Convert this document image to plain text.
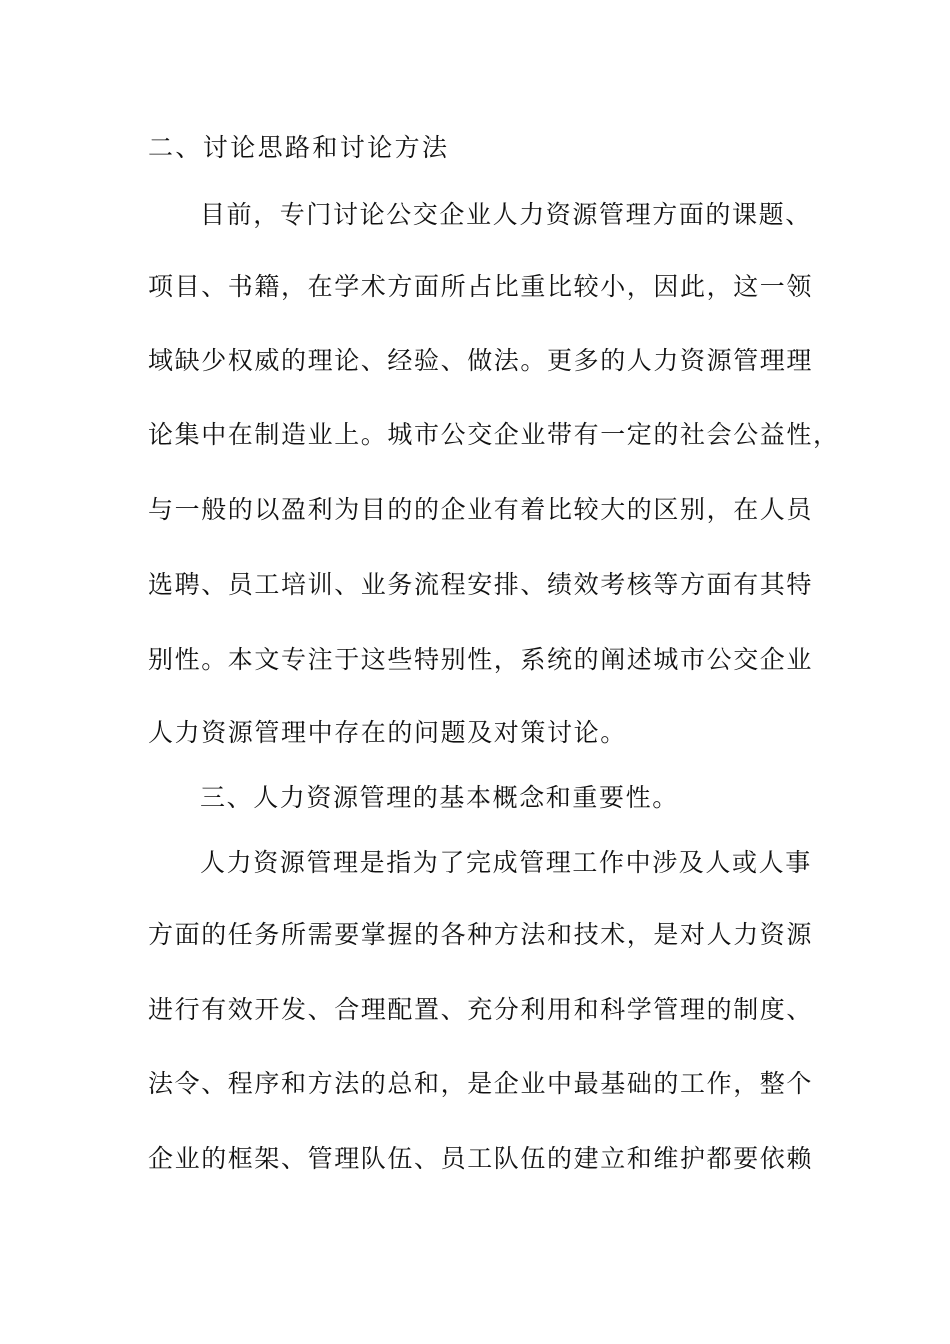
二、讨论思路和讨论方法

目前，专门讨论公交企业人力资源管理方面的课题、

项目、书籍，在学术方面所占比重比较小，因此，这一领

域缺少权威的理论、经验、做法。更多的人力资源管理理

论集中在制造业上。城市公交企业带有一定的社会公益性，

与一般的以盈利为目的的企业有着比较大的区别，在人员

选聘、员工培训、业务流程安排、绩效考核等方面有其特

别性。本文专注于这些特别性，系统的阐述城市公交企业

人力资源管理中存在的问题及对策讨论。

三、人力资源管理的基本概念和重要性。

人力资源管理是指为了完成管理工作中涉及人或人事

方面的任务所需要掌握的各种方法和技术，是对人力资源

进行有效开发、合理配置、充分利用和科学管理的制度、

法令、程序和方法的总和，是企业中最基础的工作，整个

企业的框架、管理队伍、员工队伍的建立和维护都要依赖
